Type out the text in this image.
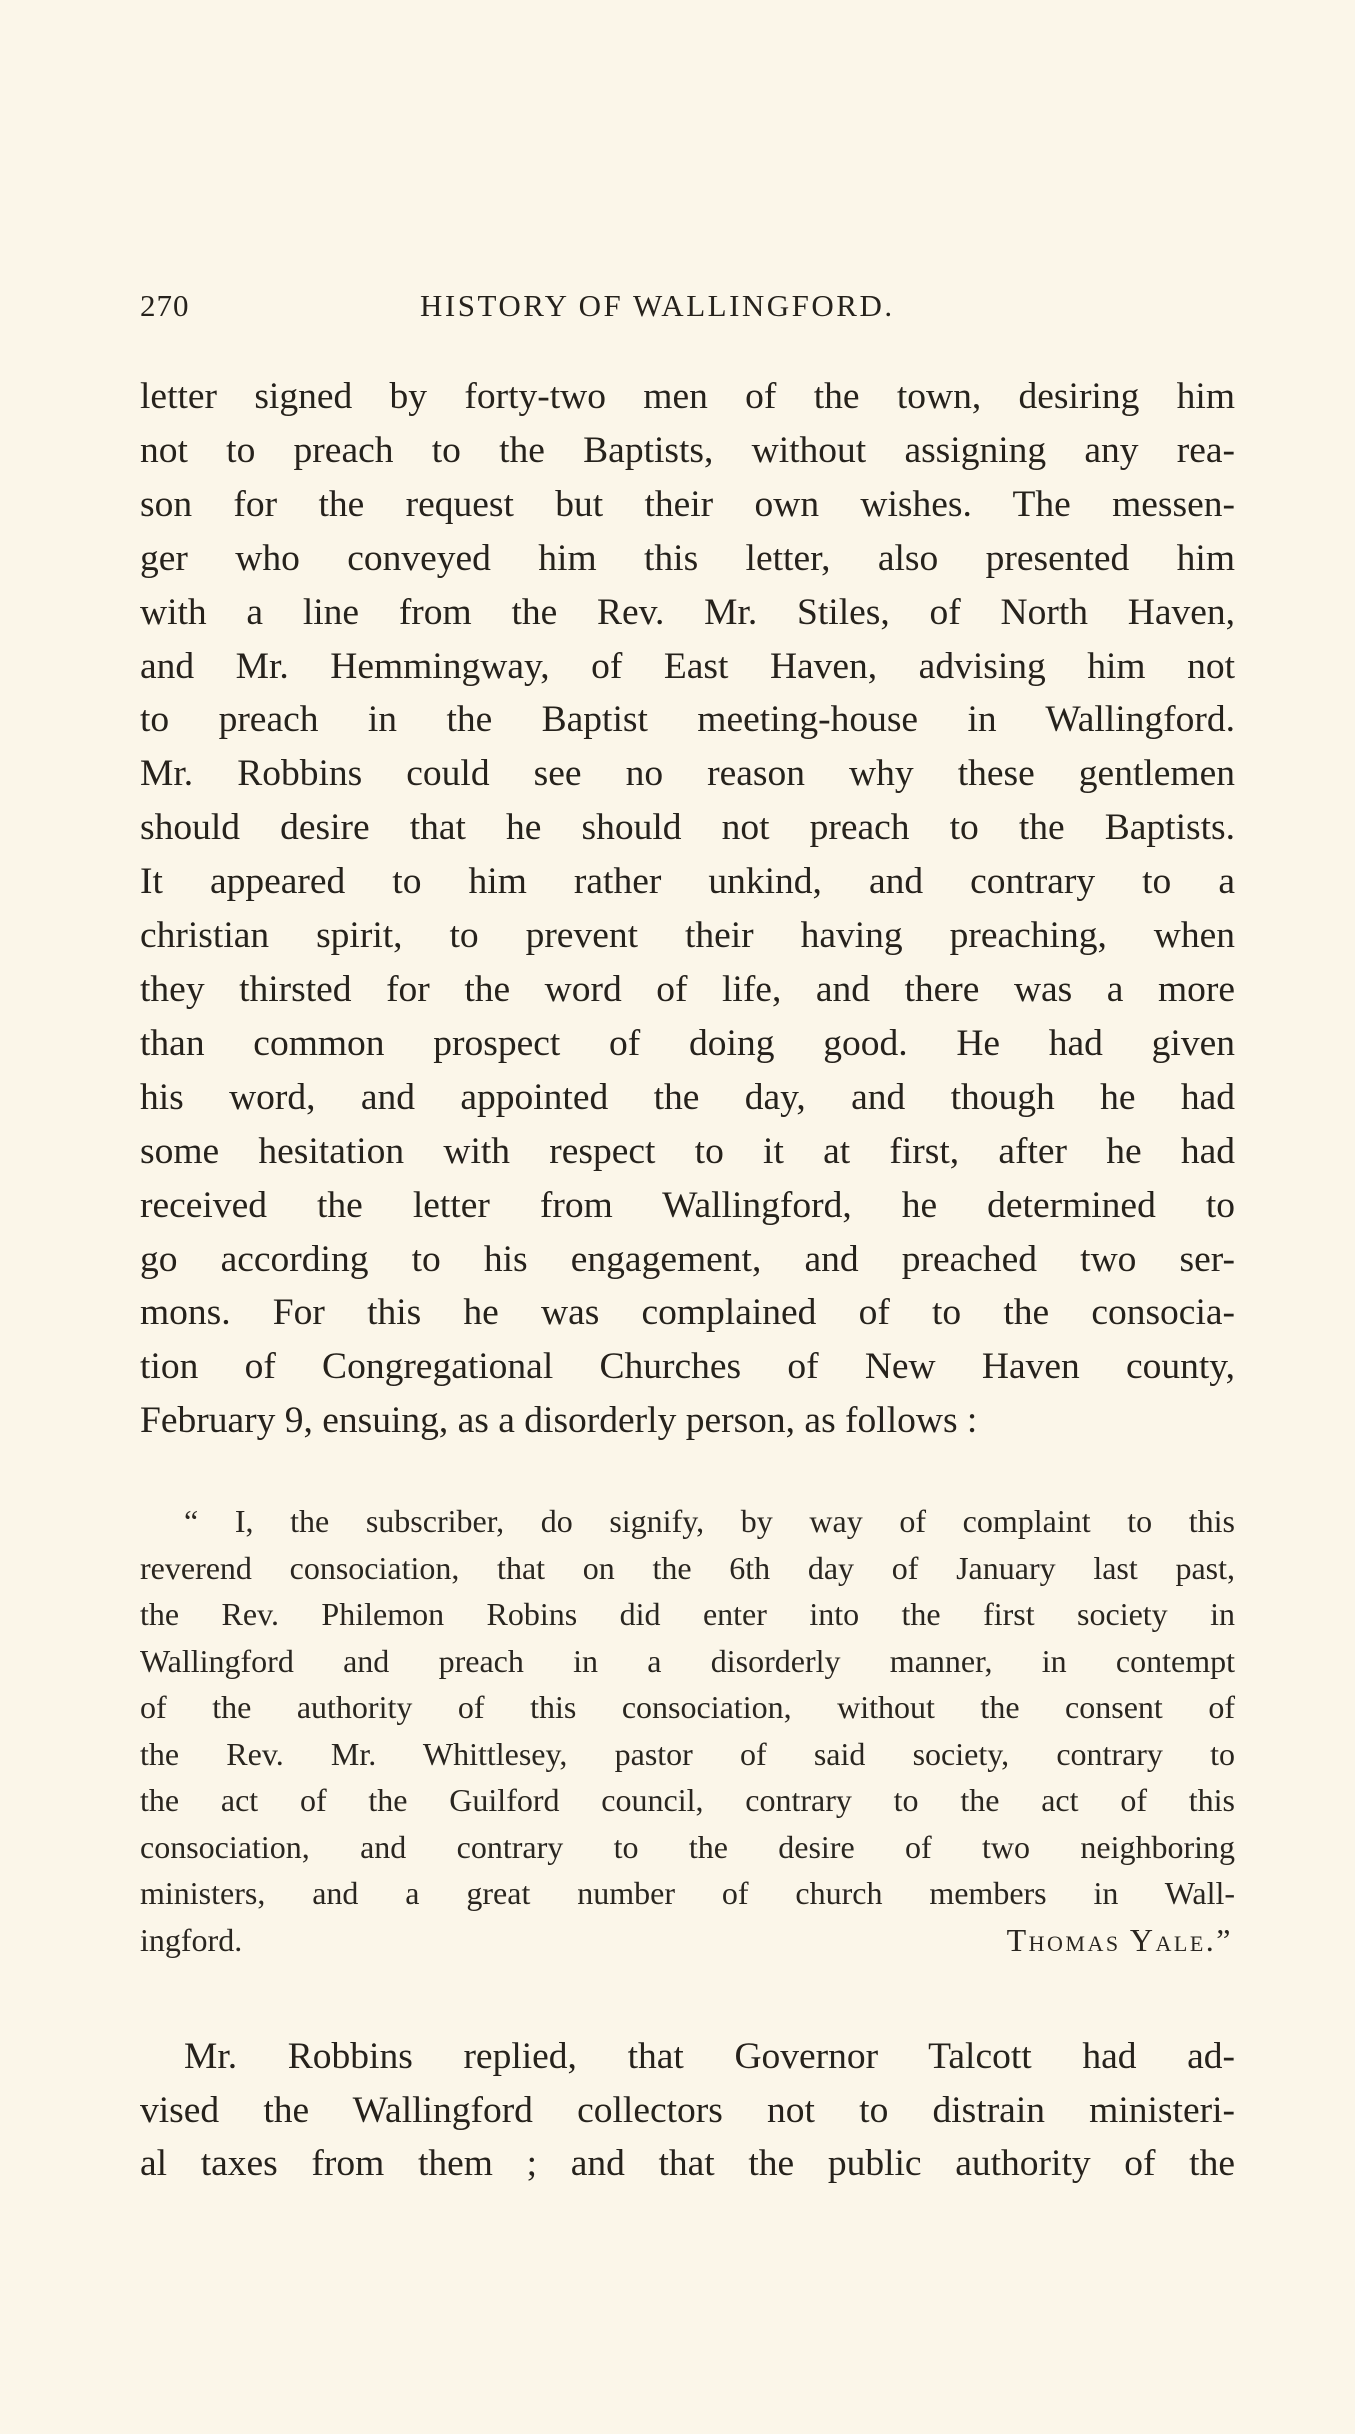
270	HISTORY OF WALLINGFORD.
letter signed by forty-two men of the town, desiring him
not to preach to the Baptists, without assigning any rea-
son for the request but their own wishes. The messen-
ger who conveyed him this letter, also presented him
with a line from the Rev. Mr. Stiles, of North Haven,
and Mr. Hemmingway, of East Haven, advising him not
to preach in the Baptist meeting-house in Wallingford.
Mr. Robbins could see no reason why these gentlemen
should desire that he should not preach to the Baptists.
It appeared to him rather unkind, and contrary to a
christian spirit, to prevent their having preaching, when
they thirsted for the word of life, and there was a more
than common prospect of doing good. He had given
his word, and appointed the day, and though he had
some hesitation with respect to it at first, after he had
received the letter from Wallingford, he determined to
go according to his engagement, and preached two ser-
mons. For this he was complained of to the consocia-
tion of Congregational Churches of New Haven county,
February 9, ensuing, as a disorderly person, as follows :
“ I, the subscriber, do signify, by way of complaint to this
reverend consociation, that on the 6th day of January last past,
the Rev. Philemon Robins did enter into the first society in
Wallingford and preach in a disorderly manner, in contempt
of the authority of this consociation, without the consent of
the Rev. Mr. Whittlesey, pastor of said society, contrary to
the act of the Guilford council, contrary to the act of this
consociation, and contrary to the desire of two neighboring
ministers, and a great number of church members in Wall-
ingford.	Thomas Yale.”
Mr. Robbins replied, that Governor Talcott had ad-
vised the Wallingford collectors not to distrain ministeri-
al taxes from them ; and that the public authority of the
